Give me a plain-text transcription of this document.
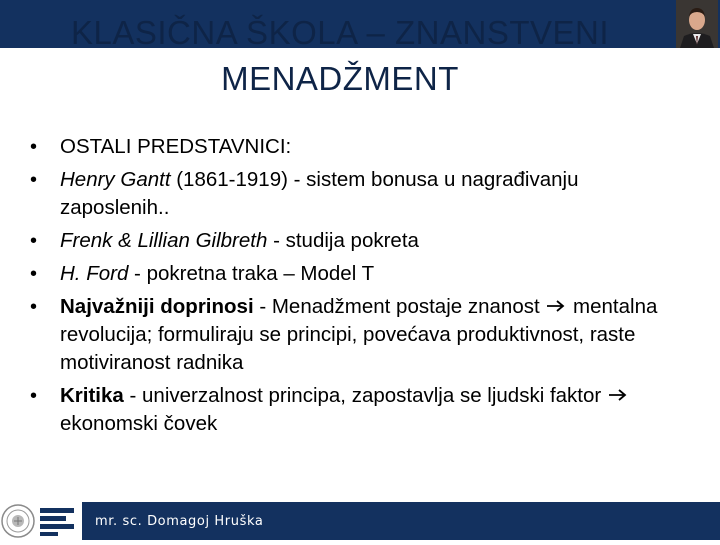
KLASIČNA ŠKOLA – ZNANSTVENI
MENADŽMENT
•	OSTALI PREDSTAVNICI:
•	Henry Gantt (1861-1919) - sistem bonusa u nagrađivanju zaposlenih..
•	Frenk & Lillian Gilbreth - studija pokreta
•	H. Ford - pokretna traka – Model T
•	Najvažniji doprinosi - Menadžment postaje znanost  mentalna revolucija; formuliraju se principi, povećava produktivnost, raste motiviranost radnika
•	Kritika - univerzalnost principa, zapostavlja se ljudski faktor  ekonomski čovek
mr. sc. Domagoj Hruška
